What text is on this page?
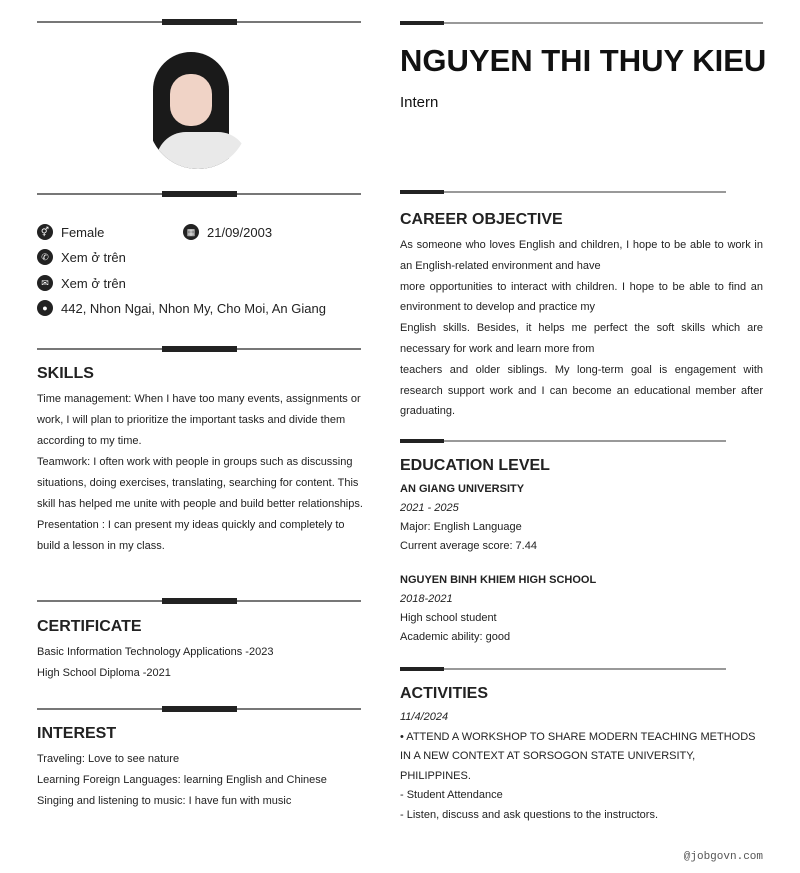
⚥ Female	▦ 21/09/2003
✆ Xem ở trên
✉ Xem ở trên
●	442, Nhon Ngai, Nhon My, Cho Moi, An Giang
SKILLS
Time management: When I have too many events, assignments or work, I will plan to prioritize the important tasks and divide them according to my time.
Teamwork: I often work with people in groups such as discussing situations, doing exercises, translating, searching for content. This skill has helped me unite with people and build better relationships.
Presentation : I can present my ideas quickly and completely to build a lesson in my class.
CERTIFICATE
Basic Information Technology Applications -2023
High School Diploma -2021
INTEREST
Traveling: Love to see nature
Learning Foreign Languages: learning English and Chinese
Singing and listening to music: I have fun with music
NGUYEN THI THUY KIEU
Intern
CAREER OBJECTIVE

As someone who loves English and children, I hope to be able to work in an English-related environment and have

more opportunities to interact with children. I hope to be able to find an environment to develop and practice my

English skills. Besides, it helps me perfect the soft skills which are necessary for work and learn more from

teachers and older siblings. My long-term goal is engagement with research support work and I can become an educational member after graduating.

EDUCATION LEVEL
AN GIANG UNIVERSITY
2021 - 2025
Major: English Language
Current average score: 7.44
NGUYEN BINH KHIEM HIGH SCHOOL
2018-2021
High school student
Academic ability: good
ACTIVITIES
11/4/2024
• ATTEND A WORKSHOP TO SHARE MODERN TEACHING METHODS IN A NEW CONTEXT AT SORSOGON STATE UNIVERSITY, PHILIPPINES.
- Student Attendance
- Listen, discuss and ask questions to the instructors.
@jobgovn.com
